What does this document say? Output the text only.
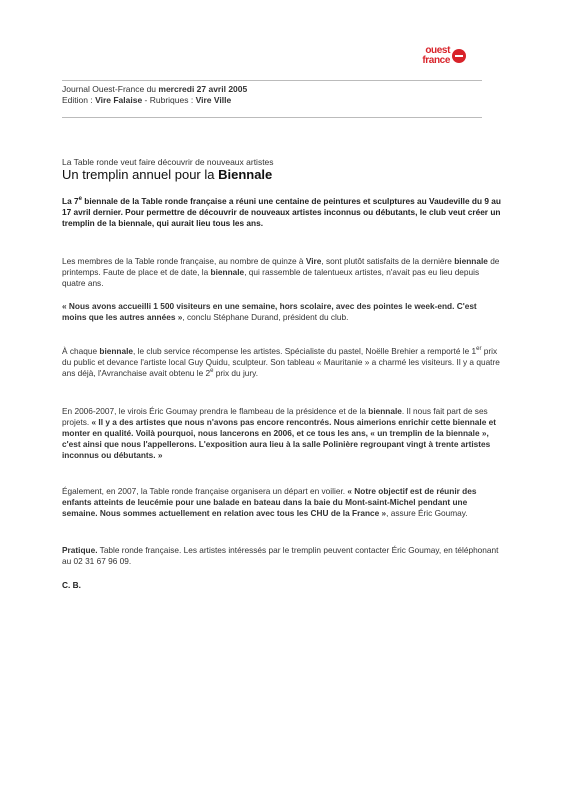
ouest
france
Journal Ouest-France du mercredi 27 avril 2005
Edition : Vire Falaise - Rubriques : Vire Ville
La Table ronde veut faire découvrir de nouveaux artistes
Un tremplin annuel pour la Biennale

La 7e biennale de la Table ronde française a réuni une centaine de peintures et sculptures au Vaudeville du 9 au 17 avril dernier. Pour permettre de découvrir de nouveaux artistes inconnus ou débutants, le club veut créer un tremplin de la biennale, qui aurait lieu tous les ans.

Les membres de la Table ronde française, au nombre de quinze à Vire, sont plutôt satisfaits de la dernière biennale de printemps. Faute de place et de date, la biennale, qui rassemble de talentueux artistes, n'avait pas eu lieu depuis quatre ans.

« Nous avons accueilli 1 500 visiteurs en une semaine, hors scolaire, avec des pointes le week-end. C'est moins que les autres années », conclu Stéphane Durand, président du club.

À chaque biennale, le club service récompense les artistes. Spécialiste du pastel, Noëlle Brehier a remporté le 1er prix du public et devance l'artiste local Guy Quidu, sculpteur. Son tableau « Mauritanie » a charmé les visiteurs. Il y a quatre ans déjà, l'Avranchaise avait obtenu le 2e prix du jury.

En 2006-2007, le virois Éric Goumay prendra le flambeau de la présidence et de la biennale. Il nous fait part de ses projets. « Il y a des artistes que nous n'avons pas encore rencontrés. Nous aimerions enrichir cette biennale et monter en qualité. Voilà pourquoi, nous lancerons en 2006, et ce tous les ans, « un tremplin de la biennale », c'est ainsi que nous l'appellerons. L'exposition aura lieu à la salle Polinière regroupant vingt à trente artistes inconnus ou débutants. »

Également, en 2007, la Table ronde française organisera un départ en voilier. « Notre objectif est de réunir des enfants atteints de leucémie pour une balade en bateau dans la baie du Mont-saint-Michel pendant une semaine. Nous sommes actuellement en relation avec tous les CHU de la France », assure Éric Goumay.

Pratique. Table ronde française. Les artistes intéressés par le tremplin peuvent contacter Éric Goumay, en téléphonant au 02 31 67 96 09.

C. B.
